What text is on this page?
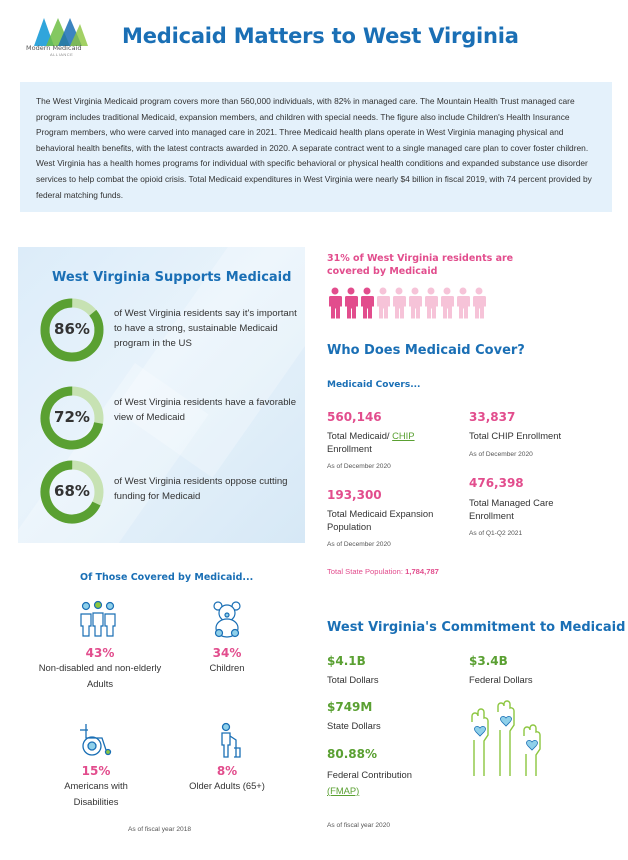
Modern Medicaid
ALLIANCE
Medicaid Matters to West Virginia

The West Virginia Medicaid program covers more than 560,000 individuals, with 82% in managed care. The Mountain Health Trust managed care program includes traditional Medicaid, expansion members, and children with special needs. The figure also include Children's Health Insurance Program members, who were carved into managed care in 2021. Three Medicaid health plans operate in West Virginia managing physical and behavioral health benefits, with the latest contracts awarded in 2020. A separate contract went to a single managed care plan to cover foster children. West Virginia has a health homes programs for individual with specific behavioral or physical health conditions and expanded substance use disorder services to help combat the opioid crisis. Total Medicaid expenditures in West Virginia were nearly $4 billion in fiscal 2019, with 74 percent provided by federal matching funds.

West Virginia Supports Medicaid
of West Virginia residents say it's important to have a strong, sustainable Medicaid program in the US
of West Virginia residents have a favorable view of Medicaid
of West Virginia residents oppose cutting funding for Medicaid
31% of West Virginia residents are covered by Medicaid
Who Does Medicaid Cover?
Medicaid Covers...
560,146
Total Medicaid/ CHIP
Enrollment
As of December 2020
33,837
Total CHIP Enrollment
As of December 2020
193,300
Total Medicaid Expansion Population
As of December 2020
476,398
Total Managed Care Enrollment
As of Q1-Q2 2021
Total State Population: 1,784,787
Of Those Covered by Medicaid...
43%
Non-disabled and non-elderly Adults
34%
Children
15%
Americans with Disabilities
8%
Older Adults (65+)
As of fiscal year 2018
West Virginia's Commitment to Medicaid
$4.1B
Total Dollars
$3.4B
Federal Dollars
$749M
State Dollars
80.88%
Federal Contribution
(FMAP)
As of fiscal year 2020
86%
72%
68%
